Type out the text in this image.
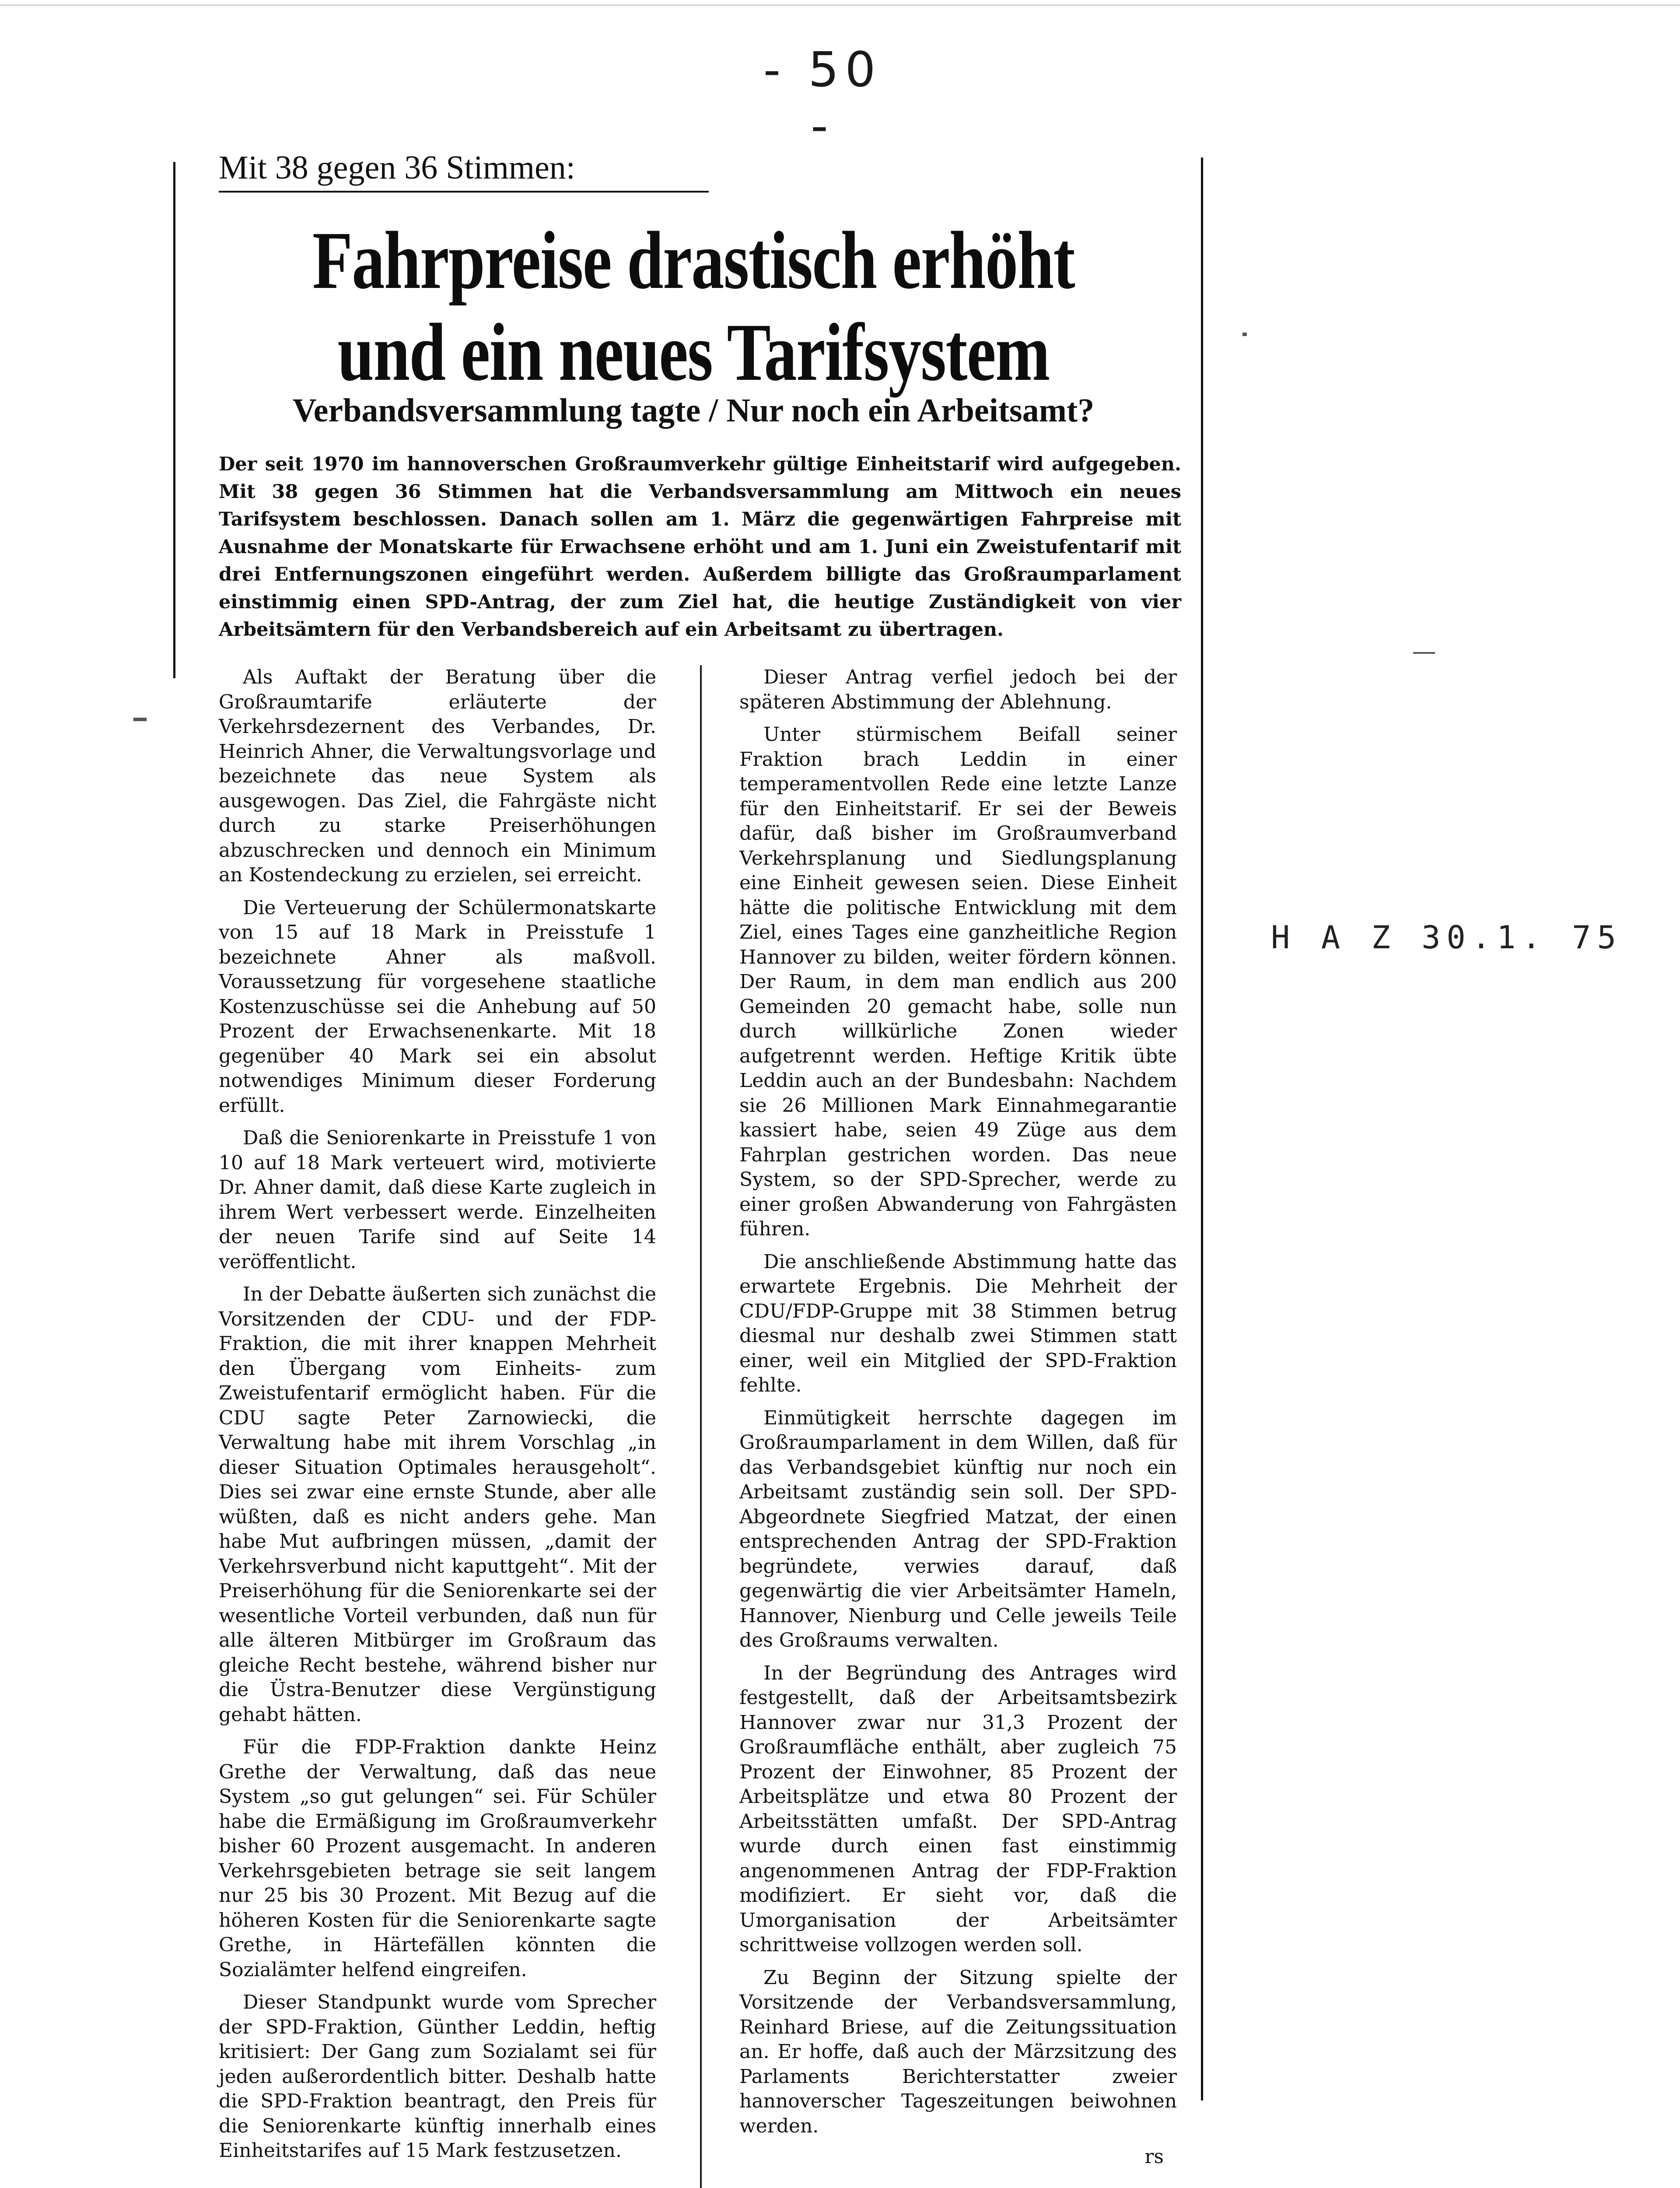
- 50 -
Mit 38 gegen 36 Stimmen:
Fahrpreise drastisch erhöht
und ein neues Tarifsystem
Verbandsversammlung tagte / Nur noch ein Arbeitsamt?
Der seit 1970 im hannoverschen Großraumverkehr gültige Einheitstarif wird aufgegeben. Mit 38 gegen 36 Stimmen hat die Verbandsversammlung am Mittwoch ein neues Tarifsystem beschlossen. Danach sollen am 1. März die gegenwärtigen Fahrpreise mit Ausnahme der Monatskarte für Erwachsene erhöht und am 1. Juni ein Zweistufentarif mit drei Entfernungszonen eingeführt werden. Außerdem billigte das Großraumparlament einstimmig einen SPD-Antrag, der zum Ziel hat, die heutige Zuständigkeit von vier Arbeitsämtern für den Verbandsbereich auf ein Arbeitsamt zu übertragen.

Als Auftakt der Beratung über die Großraumtarife erläuterte der Verkehrsdezernent des Verbandes, Dr. Heinrich Ahner, die Verwaltungsvorlage und bezeichnete das neue System als ausgewogen. Das Ziel, die Fahrgäste nicht durch zu starke Preiserhöhungen abzuschrecken und dennoch ein Minimum an Kostendeckung zu erzielen, sei erreicht.

Die Verteuerung der Schülermonatskarte von 15 auf 18 Mark in Preisstufe 1 bezeichnete Ahner als maßvoll. Voraussetzung für vorgesehene staatliche Kostenzuschüsse sei die Anhebung auf 50 Prozent der Erwachsenenkarte. Mit 18 gegenüber 40 Mark sei ein absolut notwendiges Minimum dieser Forderung erfüllt.

Daß die Seniorenkarte in Preisstufe 1 von 10 auf 18 Mark verteuert wird, motivierte Dr. Ahner damit, daß diese Karte zugleich in ihrem Wert verbessert werde. Einzelheiten der neuen Tarife sind auf Seite 14 veröffentlicht.

In der Debatte äußerten sich zunächst die Vorsitzenden der CDU- und der FDP-Fraktion, die mit ihrer knappen Mehrheit den Übergang vom Einheits- zum Zweistufentarif ermöglicht haben. Für die CDU sagte Peter Zarnowiecki, die Verwaltung habe mit ihrem Vorschlag „in dieser Situation Optimales herausgeholt“. Dies sei zwar eine ernste Stunde, aber alle wüßten, daß es nicht anders gehe. Man habe Mut aufbringen müssen, „damit der Verkehrsverbund nicht kaputtgeht“. Mit der Preiserhöhung für die Seniorenkarte sei der wesentliche Vorteil verbunden, daß nun für alle älteren Mitbürger im Großraum das gleiche Recht bestehe, während bisher nur die Üstra-Benutzer diese Vergünstigung gehabt hätten.

Für die FDP-Fraktion dankte Heinz Grethe der Verwaltung, daß das neue System „so gut gelungen“ sei. Für Schüler habe die Ermäßigung im Großraumverkehr bisher 60 Prozent ausgemacht. In anderen Verkehrsgebieten betrage sie seit langem nur 25 bis 30 Prozent. Mit Bezug auf die höheren Kosten für die Seniorenkarte sagte Grethe, in Härtefällen könnten die Sozialämter helfend eingreifen.

Dieser Standpunkt wurde vom Sprecher der SPD-Fraktion, Günther Leddin, heftig kritisiert: Der Gang zum Sozialamt sei für jeden außerordentlich bitter. Deshalb hatte die SPD-Fraktion beantragt, den Preis für die Seniorenkarte künftig innerhalb eines Einheitstarifes auf 15 Mark festzusetzen.

Dieser Antrag verfiel jedoch bei der späteren Abstimmung der Ablehnung.

Unter stürmischem Beifall seiner Fraktion brach Leddin in einer temperamentvollen Rede eine letzte Lanze für den Einheitstarif. Er sei der Beweis dafür, daß bisher im Großraumverband Verkehrsplanung und Siedlungsplanung eine Einheit gewesen seien. Diese Einheit hätte die politische Entwicklung mit dem Ziel, eines Tages eine ganzheitliche Region Hannover zu bilden, weiter fördern können. Der Raum, in dem man endlich aus 200 Gemeinden 20 gemacht habe, solle nun durch willkürliche Zonen wieder aufgetrennt werden. Heftige Kritik übte Leddin auch an der Bundesbahn: Nachdem sie 26 Millionen Mark Einnahmegarantie kassiert habe, seien 49 Züge aus dem Fahrplan gestrichen worden. Das neue System, so der SPD-Sprecher, werde zu einer großen Abwanderung von Fahrgästen führen.

Die anschließende Abstimmung hatte das erwartete Ergebnis. Die Mehrheit der CDU/FDP-Gruppe mit 38 Stimmen betrug diesmal nur deshalb zwei Stimmen statt einer, weil ein Mitglied der SPD-Fraktion fehlte.

Einmütigkeit herrschte dagegen im Großraumparlament in dem Willen, daß für das Verbandsgebiet künftig nur noch ein Arbeitsamt zuständig sein soll. Der SPD-Abgeordnete Siegfried Matzat, der einen entsprechenden Antrag der SPD-Fraktion begründete, verwies darauf, daß gegenwärtig die vier Arbeitsämter Hameln, Hannover, Nienburg und Celle jeweils Teile des Großraums verwalten.

In der Begründung des Antrages wird festgestellt, daß der Arbeitsamtsbezirk Hannover zwar nur 31,3 Prozent der Großraumfläche enthält, aber zugleich 75 Prozent der Einwohner, 85 Prozent der Arbeitsplätze und etwa 80 Prozent der Arbeitsstätten umfaßt. Der SPD-Antrag wurde durch einen fast einstimmig angenommenen Antrag der FDP-Fraktion modifiziert. Er sieht vor, daß die Umorganisation der Arbeitsämter schrittweise vollzogen werden soll.

Zu Beginn der Sitzung spielte der Vorsitzende der Verbandsversammlung, Reinhard Briese, auf die Zeitungssituation an. Er hoffe, daß auch der Märzsitzung des Parlaments Berichterstatter zweier hannoverscher Tageszeitungen beiwohnen werden.

rs
H A Z 30.1. 75
